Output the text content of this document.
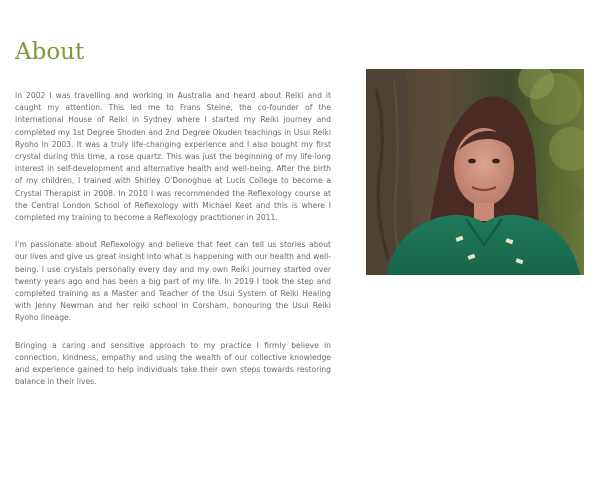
About

In 2002 I was travelling and working in Australia and heard about Reiki and it caught my attention. This led me to Frans Steine, the co-founder of the International House of Reiki in Sydney where I started my Reiki journey and completed my 1st Degree Shoden and 2nd Degree Okuden teachings in Usui Reiki Ryoho in 2003. It was a truly life-changing experience and I also bought my first crystal during this time, a rose quartz. This was just the beginning of my life-long interest in self-development and alternative health and well-being. After the birth of my children, I trained with Shirley O'Donoghue at Lucis College to become a Crystal Therapist in 2008. In 2010 I was recommended the Reflexology course at the Central London School of Reflexology with Michael Keet and this is where I completed my training to become a Reflexology practitioner in 2011.

I'm passionate about Reflexology and believe that feet can tell us stories about our lives and give us great insight into what is happening with our health and well-being. I use crystals personally every day and my own Reiki journey started over twenty years ago and has been a big part of my life. In 2019 I took the step and completed training as a Master and Teacher of the Usui System of Reiki Healing with Jenny Newman and her reiki school in Corsham, honouring the Usui Reiki Ryoho lineage.

Bringing a caring and sensitive approach to my practice I firmly believe in connection, kindness, empathy and using the wealth of our collective knowledge and experience gained to help individuals take their own steps towards restoring balance in their lives.
